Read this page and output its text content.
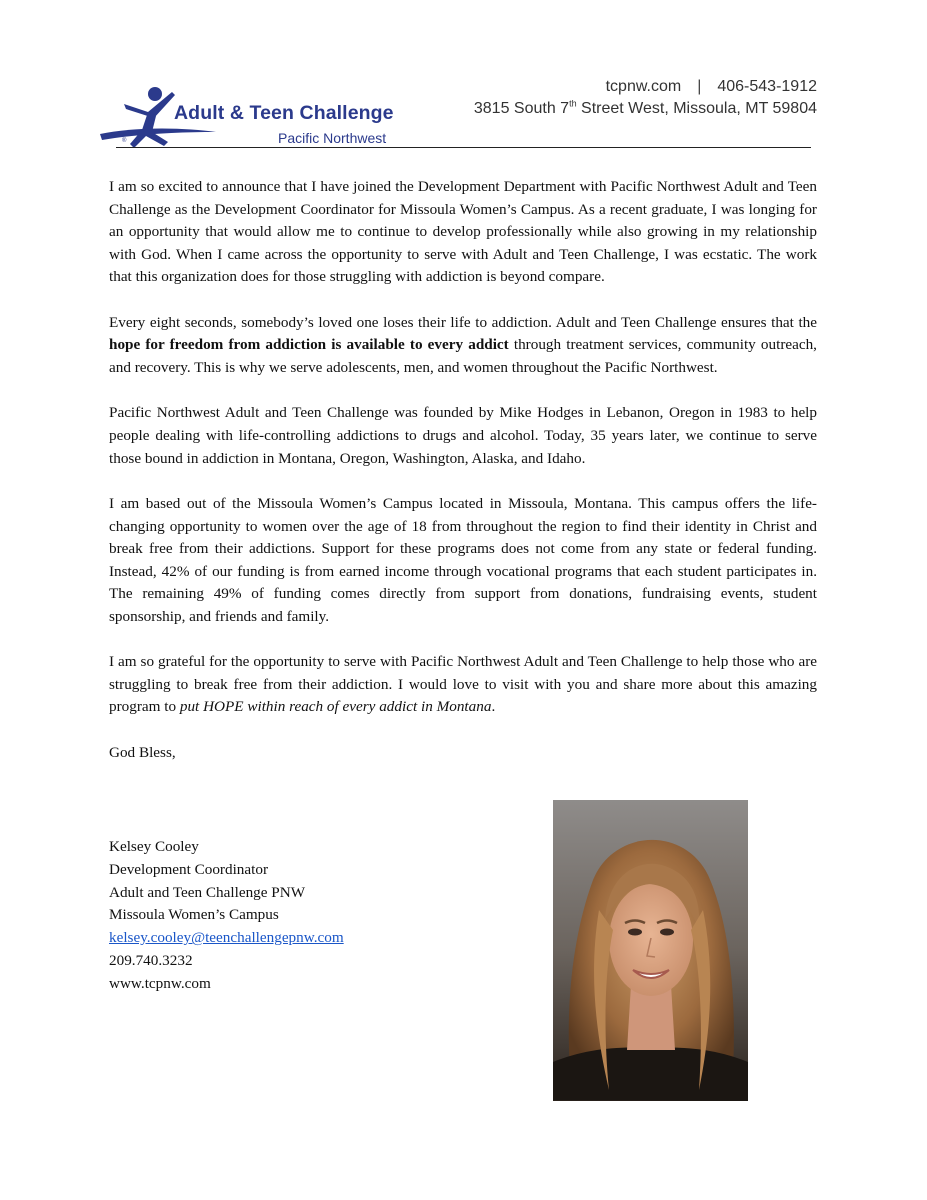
®
Adult & Teen Challenge
Pacific Northwest
tcpnw.com | 406-543-1912
3815 South 7th Street West, Missoula, MT 59804

I am so excited to announce that I have joined the Development Department with Pacific Northwest Adult and Teen Challenge as the Development Coordinator for Missoula Women’s Campus. As a recent graduate, I was longing for an opportunity that would allow me to continue to develop professionally while also growing in my relationship with God. When I came across the opportunity to serve with Adult and Teen Challenge, I was ecstatic. The work that this organization does for those struggling with addiction is beyond compare.

Every eight seconds, somebody’s loved one loses their life to addiction. Adult and Teen Challenge ensures that the hope for freedom from addiction is available to every addict through treatment services, community outreach, and recovery. This is why we serve adolescents, men, and women throughout the Pacific Northwest.

Pacific Northwest Adult and Teen Challenge was founded by Mike Hodges in Lebanon, Oregon in 1983 to help people dealing with life-controlling addictions to drugs and alcohol. Today, 35 years later, we continue to serve those bound in addiction in Montana, Oregon, Washington, Alaska, and Idaho.

I am based out of the Missoula Women’s Campus located in Missoula, Montana. This campus offers the life-changing opportunity to women over the age of 18 from throughout the region to find their identity in Christ and break free from their addictions. Support for these programs does not come from any state or federal funding. Instead, 42% of our funding is from earned income through vocational programs that each student participates in. The remaining 49% of funding comes directly from support from donations, fundraising events, student sponsorship, and friends and family.

I am so grateful for the opportunity to serve with Pacific Northwest Adult and Teen Challenge to help those who are struggling to break free from their addiction. I would love to visit with you and share more about this amazing program to put HOPE within reach of every addict in Montana.

God Bless,

Kelsey Cooley
Development Coordinator
Adult and Teen Challenge PNW
Missoula Women’s Campus
kelsey.cooley@teenchallengepnw.com
209.740.3232
www.tcpnw.com
